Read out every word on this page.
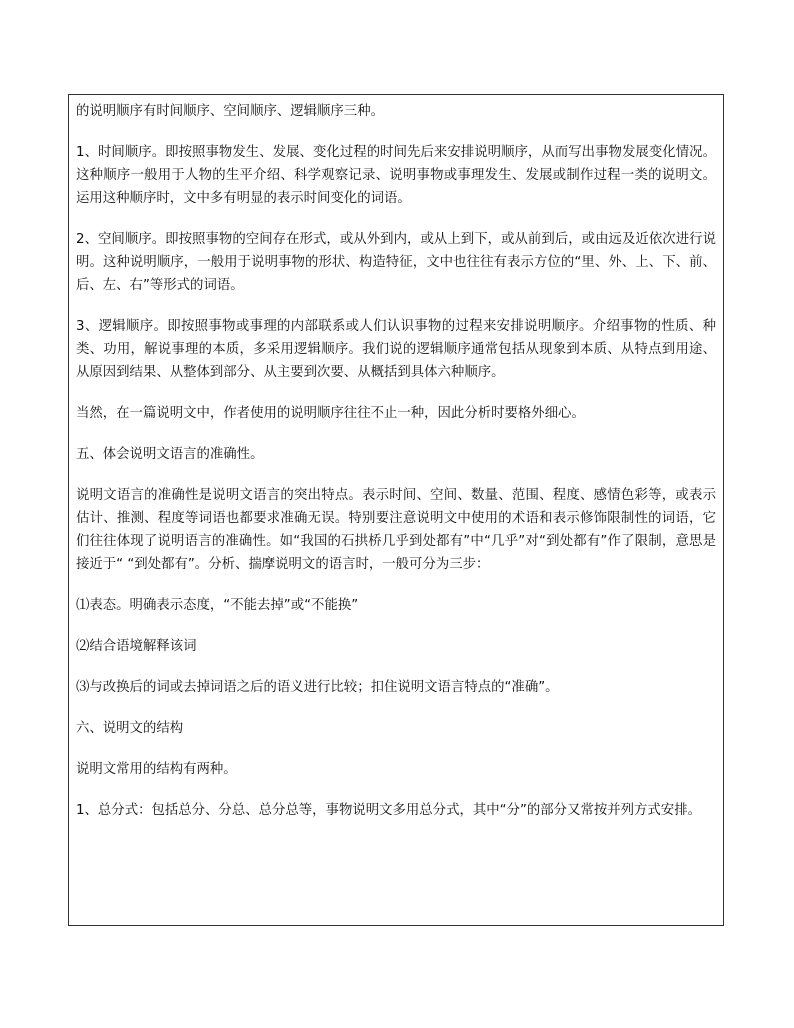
的说明顺序有时间顺序、空间顺序、逻辑顺序三种。

1、时间顺序。即按照事物发生、发展、变化过程的时间先后来安排说明顺序，从而写出事物发展变化情况。这种顺序一般用于人物的生平介绍、科学观察记录、说明事物或事理发生、发展或制作过程一类的说明文。运用这种顺序时，文中多有明显的表示时间变化的词语。

2、空间顺序。即按照事物的空间存在形式，或从外到内，或从上到下，或从前到后，或由远及近依次进行说明。这种说明顺序，一般用于说明事物的形状、构造特征，文中也往往有表示方位的“里、外、上、下、前、后、左、右”等形式的词语。

3、逻辑顺序。即按照事物或事理的内部联系或人们认识事物的过程来安排说明顺序。介绍事物的性质、种类、功用，解说事理的本质，多采用逻辑顺序。我们说的逻辑顺序通常包括从现象到本质、从特点到用途、从原因到结果、从整体到部分、从主要到次要、从概括到具体六种顺序。

当然，在一篇说明文中，作者使用的说明顺序往往不止一种，因此分析时要格外细心。

五、体会说明文语言的准确性。

说明文语言的准确性是说明文语言的突出特点。表示时间、空间、数量、范围、程度、感情色彩等，或表示估计、推测、程度等词语也都要求准确无误。特别要注意说明文中使用的术语和表示修饰限制性的词语，它们往往体现了说明语言的准确性。如“我国的石拱桥几乎到处都有”中“几乎”对“到处都有”作了限制，意思是接近于“ “到处都有”。分析、揣摩说明文的语言时，一般可分为三步：

⑴表态。明确表示态度，“不能去掉”或“不能换”

⑵结合语境解释该词

⑶与改换后的词或去掉词语之后的语义进行比较；扣住说明文语言特点的“准确”。

六、说明文的结构

说明文常用的结构有两种。

1、总分式：包括总分、分总、总分总等，事物说明文多用总分式，其中“分”的部分又常按并列方式安排。
